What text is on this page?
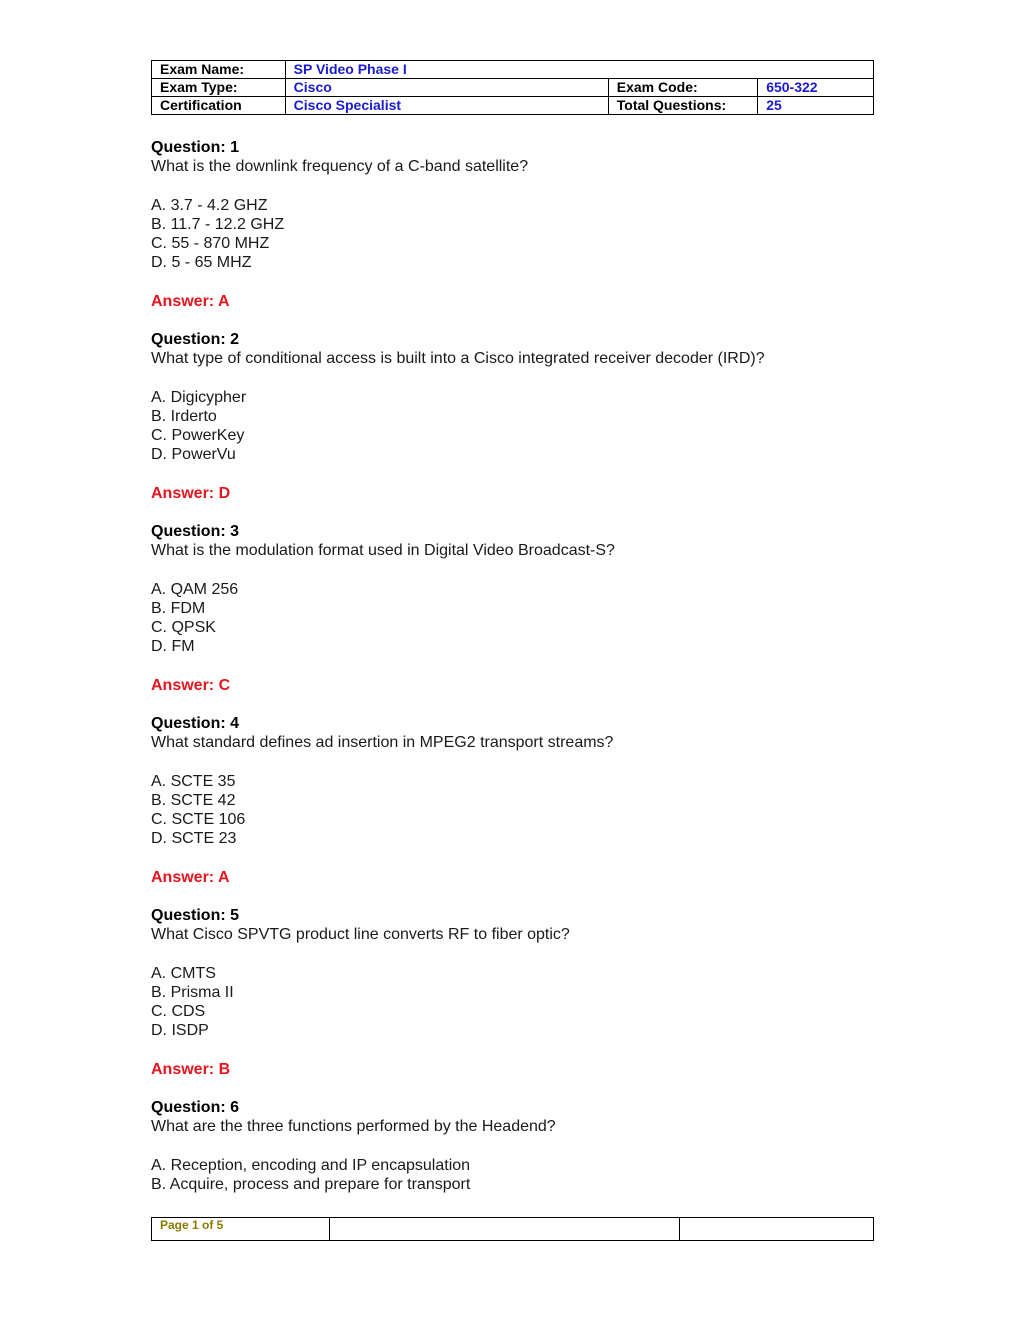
Exam Name:	SP Video Phase I		
Exam Type:	Cisco	Exam Code:	650-322
Certification	Cisco Specialist	Total Questions:	25
Question: 1
What is the downlink frequency of a C-band satellite?
A. 3.7 - 4.2 GHZ
B. 11.7 - 12.2 GHZ
C. 55 - 870 MHZ
D. 5 - 65 MHZ
Answer: A
Question: 2
What type of conditional access is built into a Cisco integrated receiver decoder (IRD)?
A. Digicypher
B. Irderto
C. PowerKey
D. PowerVu
Answer: D
Question: 3
What is the modulation format used in Digital Video Broadcast-S?
A. QAM 256
B. FDM
C. QPSK
D. FM
Answer: C
Question: 4
What standard defines ad insertion in MPEG2 transport streams?
A. SCTE 35
B. SCTE 42
C. SCTE 106
D. SCTE 23
Answer: A
Question: 5
What Cisco SPVTG product line converts RF to fiber optic?
A. CMTS
B. Prisma II
C. CDS
D. ISDP
Answer: B
Question: 6
What are the three functions performed by the Headend?
A. Reception, encoding and IP encapsulation
B. Acquire, process and prepare for transport
Page 1 of 5		
